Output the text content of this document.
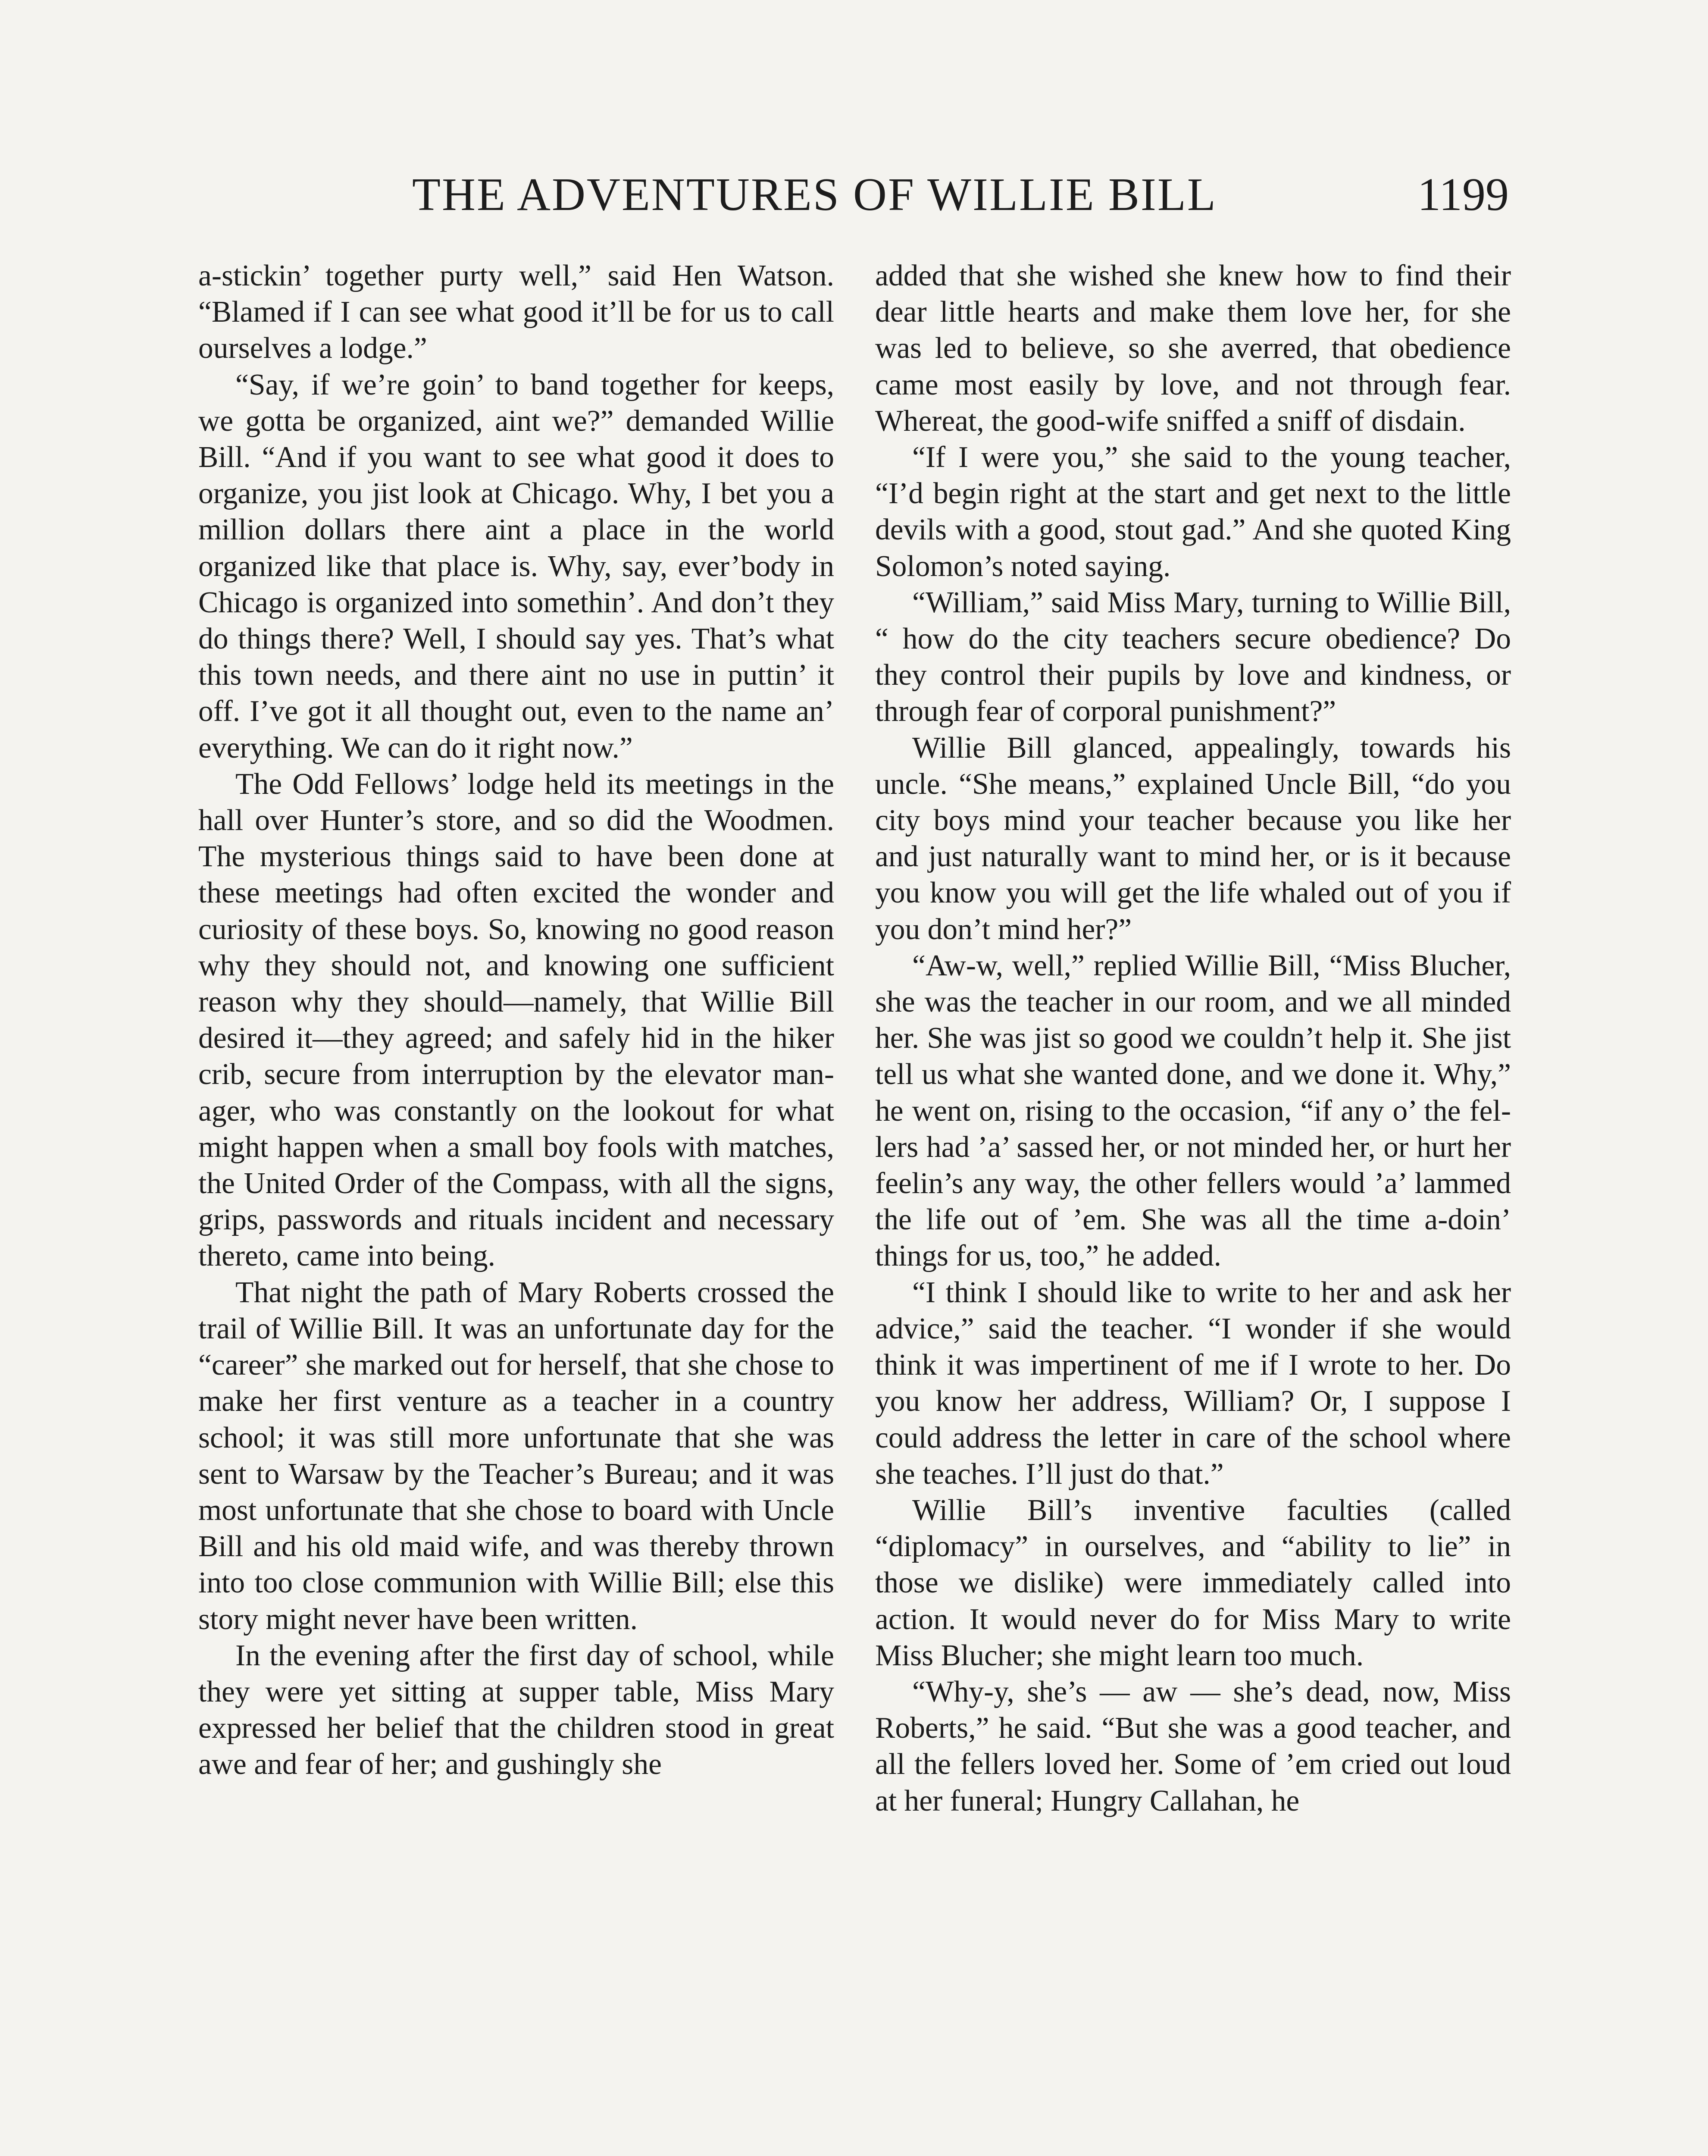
THE ADVENTURES OF WILLIE BILL	1199

a-stickin’ together purty well,” said Hen Watson. “Blamed if I can see what good it’ll be for us to call ourselves a lodge.”

“Say, if we’re goin’ to band together for keeps, we gotta be organized, aint we?” demanded Willie Bill. “And if you want to see what good it does to organize, you jist look at Chicago. Why, I bet you a million dollars there aint a place in the world organized like that place is. Why, say, ever’body in Chicago is organized into somethin’. And don’t they do things there? Well, I should say yes. That’s what this town needs, and there aint no use in puttin’ it off. I’ve got it all thought out, even to the name an’ everything. We can do it right now.”

The Odd Fellows’ lodge held its meetings in the hall over Hunter’s store, and so did the Woodmen. The mysterious things said to have been done at these meetings had often excited the wonder and curiosity of these boys. So, knowing no good reason why they should not, and knowing one sufficient reason why they should—namely, that Willie Bill desired it—they agreed; and safely hid in the hiker crib, secure from interruption by the elevator manager, who was constantly on the lookout for what might happen when a small boy fools with matches, the United Order of the Compass, with all the signs, grips, passwords and rituals incident and necessary thereto, came into being.

That night the path of Mary Roberts crossed the trail of Willie Bill. It was an unfortunate day for the “career” she marked out for herself, that she chose to make her first venture as a teacher in a country school; it was still more unfortunate that she was sent to Warsaw by the Teacher’s Bureau; and it was most unfortunate that she chose to board with Uncle Bill and his old maid wife, and was thereby thrown into too close communion with Willie Bill; else this story might never have been written.

In the evening after the first day of school, while they were yet sitting at supper table, Miss Mary expressed her belief that the children stood in great awe and fear of her; and gushingly she

added that she wished she knew how to find their dear little hearts and make them love her, for she was led to believe, so she averred, that obedience came most easily by love, and not through fear. Whereat, the good-wife sniffed a sniff of disdain.

“If I were you,” she said to the young teacher, “I’d begin right at the start and get next to the little devils with a good, stout gad.” And she quoted King Solomon’s noted saying.

“William,” said Miss Mary, turning to Willie Bill, “ how do the city teachers secure obedience? Do they control their pupils by love and kindness, or through fear of corporal punishment?”

Willie Bill glanced, appealingly, towards his uncle. “She means,” explained Uncle Bill, “do you city boys mind your teacher because you like her and just naturally want to mind her, or is it because you know you will get the life whaled out of you if you don’t mind her?”

“Aw-w, well,” replied Willie Bill, “Miss Blucher, she was the teacher in our room, and we all minded her. She was jist so good we couldn’t help it. She jist tell us what she wanted done, and we done it. Why,” he went on, rising to the occasion, “if any o’ the fellers had ’a’ sassed her, or not minded her, or hurt her feelin’s any way, the other fellers would ’a’ lammed the life out of ’em. She was all the time a-doin’ things for us, too,” he added.

“I think I should like to write to her and ask her advice,” said the teacher. “I wonder if she would think it was impertinent of me if I wrote to her. Do you know her address, William? Or, I suppose I could address the letter in care of the school where she teaches. I’ll just do that.”

Willie Bill’s inventive faculties (called “diplomacy” in ourselves, and “ability to lie” in those we dislike) were immediately called into action. It would never do for Miss Mary to write Miss Blucher; she might learn too much.

“Why-y, she’s — aw — she’s dead, now, Miss Roberts,” he said. “But she was a good teacher, and all the fellers loved her. Some of ’em cried out loud at her funeral; Hungry Callahan, he
